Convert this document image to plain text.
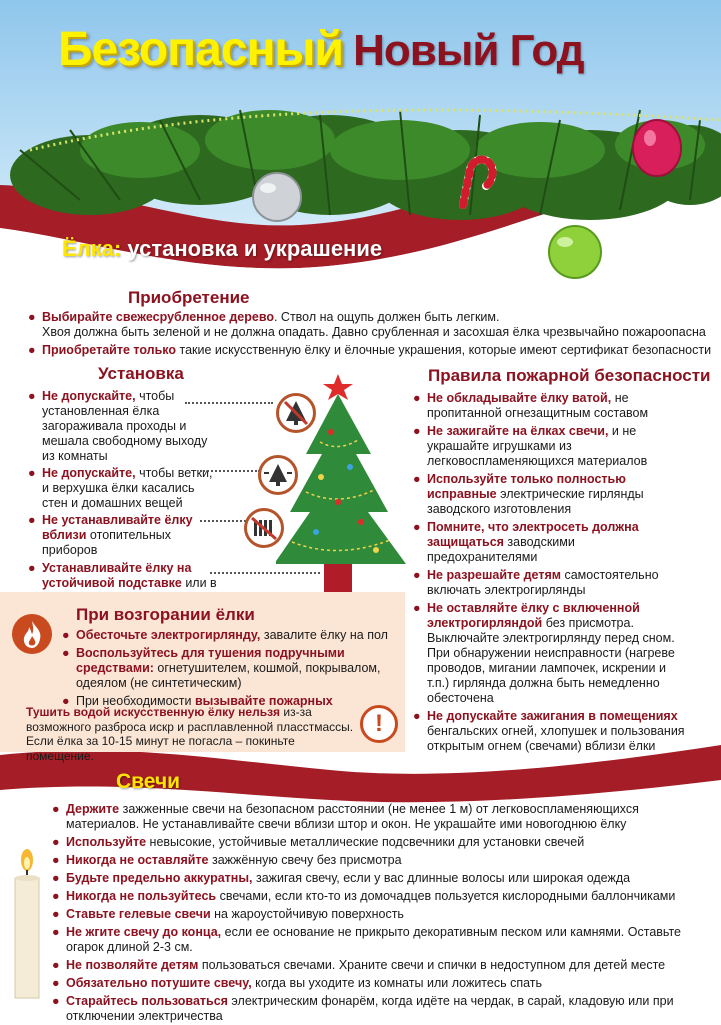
Безопасный Новый Год
Ёлка: установка и украшение
Приобретение
● Выбирайте свежесрубленное дерево. Ствол на ощупь должен быть легким.
Хвоя должна быть зеленой и не должна опадать. Давно срубленная и засохшая ёлка чрезвычайно пожароопасна
● Приобретайте только такие искусственную ёлку и ёлочные украшения, которые имеют сертификат безопасности
Установка
● Не допускайте, чтобы установленная ёлка загораживала проходы и мешала свободному выходу из комнаты
● Не допускайте, чтобы ветки, и верхушка ёлки касались стен и домашних вещей
● Не устанавливайте ёлку вблизи отопительных приборов
● Устанавливайте ёлку на устойчивой подставке или в
Правила пожарной безопасности
● Не обкладывайте ёлку ватой, не пропитанной огнезащитным составом
● Не зажигайте на ёлках свечи, и не украшайте игрушками из легковоспламеняющихся материалов
● Используйте только полностью исправные электрические гирлянды заводского изготовления
● Помните, что электросеть должна защищаться заводскими предохранителями
● Не разрешайте детям самостоятельно включать электрогирлянды
● Не оставляйте ёлку с включенной электрогирляндой без присмотра. Выключайте электрогирлянду перед сном. При обнаружении неисправности (нагреве проводов, мигании лампочек, искрении и т.п.) гирлянда должна быть немедленно обесточена
● Не допускайте зажигания в помещениях бенгальских огней, хлопушек и пользования открытым огнем (свечами) вблизи ёлки
При возгорании ёлки
● Обесточьте электрогирлянду, завалите ёлку на пол
● Воспользуйтесь для тушения подручными средствами: огнетушителем, кошмой, покрывалом, одеялом (не синтетическим)
● При необходимости вызывайте пожарных
Тушить водой искусственную ёлку нельзя из-за возможного разброса искр и расплавленной пласстмассы.
Если ёлка за 10-15 минут не погасла – покиньте помещение.
!
Свечи
● Держите зажженные свечи на безопасном расстоянии (не менее 1 м) от легковоспламеняющихся материалов. Не устанавливайте свечи вблизи штор и окон. Не украшайте ими новогоднюю ёлку
● Используйте невысокие, устойчивые металлические подсвечники для установки свечей
● Никогда не оставляйте зажжённую свечу без присмотра
● Будьте предельно аккуратны, зажигая свечу, если у вас длинные волосы или широкая одежда
● Никогда не пользуйтесь свечами, если кто-то из домочадцев пользуется кислородными баллончиками
● Ставьте гелевые свечи на жароустойчивую поверхность
● Не жгите свечу до конца, если ее основание не прикрыто декоративным песком или камнями. Оставьте огарок длиной 2-3 см.
● Не позволяйте детям пользоваться свечами. Храните свечи и спички в недоступном для детей месте
● Обязательно потушите свечу, когда вы уходите из комнаты или ложитесь спать
● Старайтесь пользоваться электрическим фонарём, когда идёте на чердак, в сарай, кладовую или при отключении электричества
